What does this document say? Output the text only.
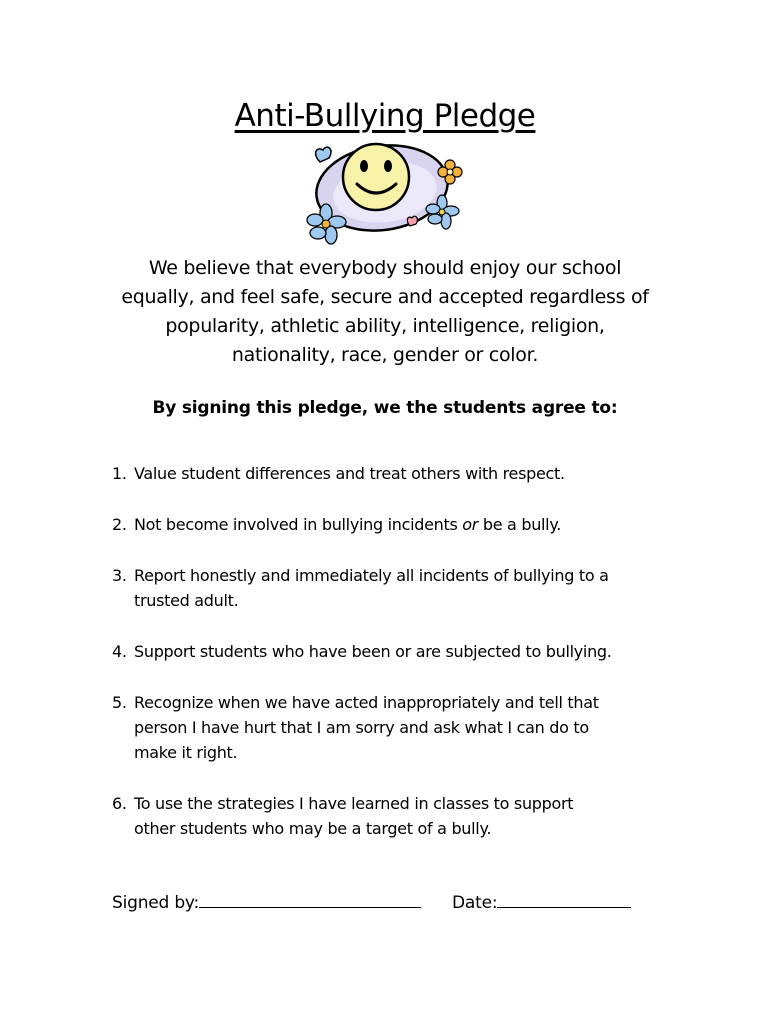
Anti-Bullying Pledge

We believe that everybody should enjoy our school

equally, and feel safe, secure and accepted regardless of

popularity, athletic ability, intelligence, religion,

nationality, race, gender or color.

By signing this pledge, we the students agree to:
1. Value student differences and treat others with respect.
2. Not become involved in bullying incidents or be a bully.
3. Report honestly and immediately all incidents of bullying to a
trusted adult.
4. Support students who have been or are subjected to bullying.
5. Recognize when we have acted inappropriately and tell that
person I have hurt that I am sorry and ask what I can do to
make it right.
6. To use the strategies I have learned in classes to support
other students who may be a target of a bully.
Signed by:	Date:
